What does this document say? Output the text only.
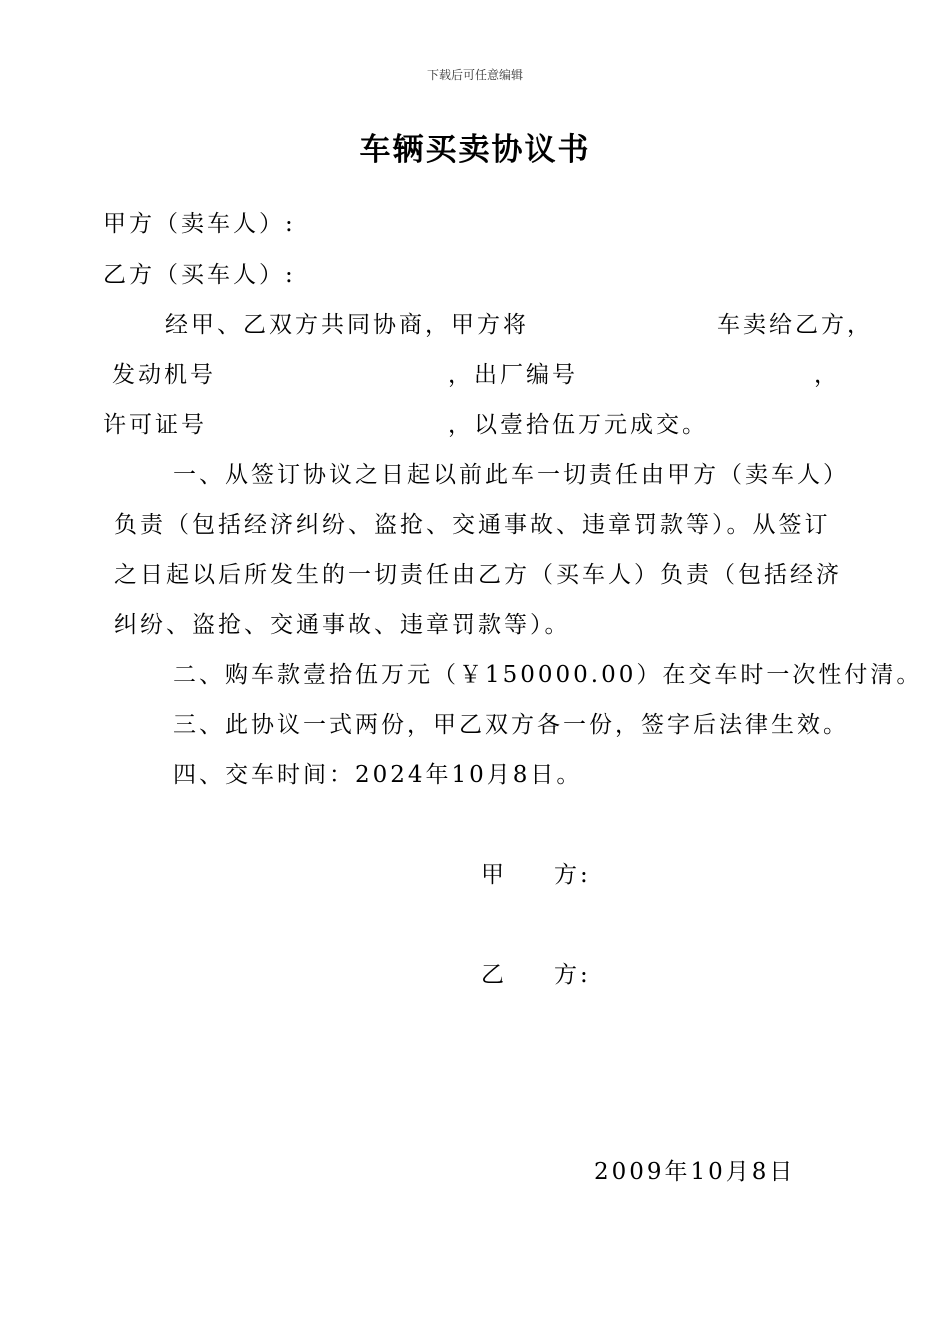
下载后可任意编辑
车辆买卖协议书
甲方（卖车人）:
乙方（买车人）:
经甲、乙双方共同协商，甲方将	车卖给乙方，
发动机号	，出厂编号	，
许可证号	，以壹拾伍万元成交。
一、从签订协议之日起以前此车一切责任由甲方（卖车人）
负责（包括经济纠纷、盗抢、交通事故、违章罚款等）。从签订
之日起以后所发生的一切责任由乙方（买车人）负责（包括经济
纠纷、盗抢、交通事故、违章罚款等）。
二、购车款壹拾伍万元（￥150000.00）在交车时一次性付清。
三、此协议一式两份，甲乙双方各一份，签字后法律生效。
四、交车时间：2024年10月8日。
甲 方:
乙 方:
2009年10月8日
